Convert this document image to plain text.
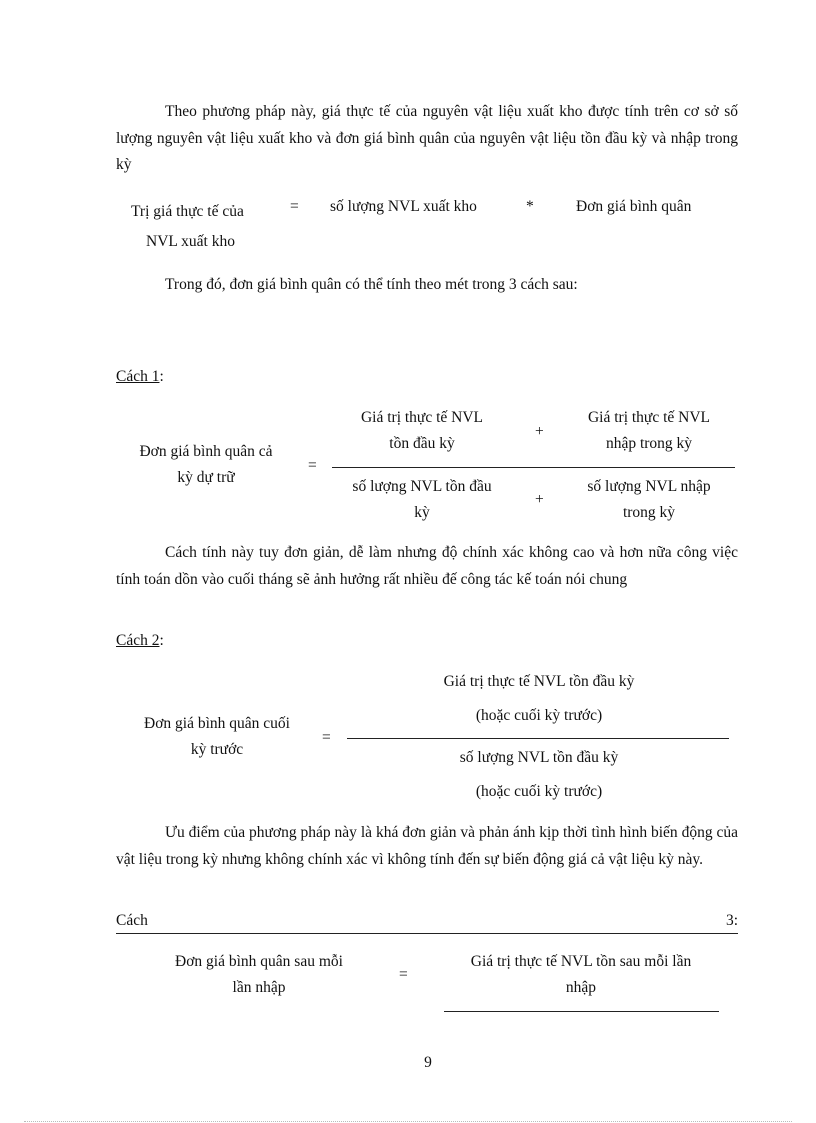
Theo phương pháp này, giá thực tế của nguyên vật liệu xuất kho được tính trên cơ sở số lượng nguyên vật liệu xuất kho và đơn giá bình quân của nguyên vật liệu tồn đầu kỳ và nhập trong kỳ
Trị giá thực tế của
NVL xuất kho
= số lượng NVL xuất kho	*	Đơn giá bình quân
Trong đó, đơn giá bình quân có thể tính theo mét trong 3 cách sau:
Cách 1:
Đơn giá bình quân cả
kỳ dự trữ
=
Giá trị thực tế NVL
tồn đầu kỳ
+
Giá trị thực tế NVL
nhập trong kỳ
số lượng NVL tồn đầu
kỳ
+
số lượng NVL nhập
trong kỳ
Cách tính này tuy đơn giản, dễ làm nhưng độ chính xác không cao và hơn nữa công việc tính toán dồn vào cuối tháng sẽ ảnh hưởng rất nhiều đế công tác kế toán nói chung
Cách 2:
Đơn giá bình quân cuối
kỳ trước
=
Giá trị thực tế NVL tồn đầu kỳ
(hoặc cuối kỳ trước)
số lượng NVL tồn đầu kỳ
(hoặc cuối kỳ trước)
Ưu điểm của phương pháp này là khá đơn giản và phản ánh kịp thời tình hình biến động của vật liệu trong kỳ nhưng không chính xác vì không tính đến sự biến động giá cả vật liệu kỳ này.
Cách	3:
Đơn giá bình quân sau mỗi
lần nhập
=
Giá trị thực tế NVL tồn sau mỗi lần
nhập
9
